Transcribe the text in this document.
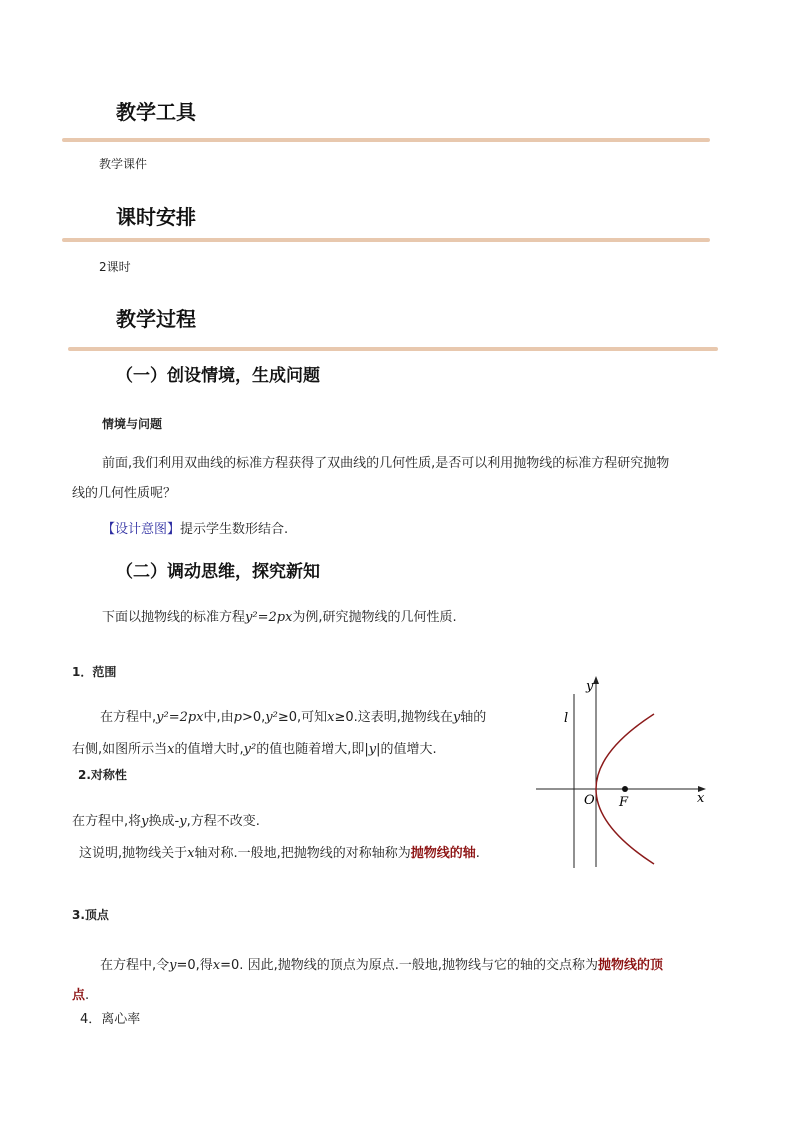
教学工具
教学课件
课时安排
2课时
教学过程
（一）创设情境，生成问题
情境与问题
前面,我们利用双曲线的标准方程获得了双曲线的几何性质,是否可以利用抛物线的标准方程研究抛物
线的几何性质呢？
【设计意图】提示学生数形结合.
（二）调动思维，探究新知
下面以抛物线的标准方程y²=2px为例,研究抛物线的几何性质.
1．范围
在方程中,y²=2px中,由p>0,y²≥0,可知x≥0.这表明,抛物线在y轴的
右侧,如图所示当x的值增大时,y²的值也随着增大,即|y|的值增大.
2.对称性
在方程中,将y换成-y,方程不改变.
这说明,抛物线关于x轴对称.一般地,把抛物线的对称轴称为抛物线的轴.
y
x
l
O F
3.顶点
在方程中,令y=0,得x=0. 因此,抛物线的顶点为原点.一般地,抛物线与它的轴的交点称为抛物线的顶
点.
4．离心率
